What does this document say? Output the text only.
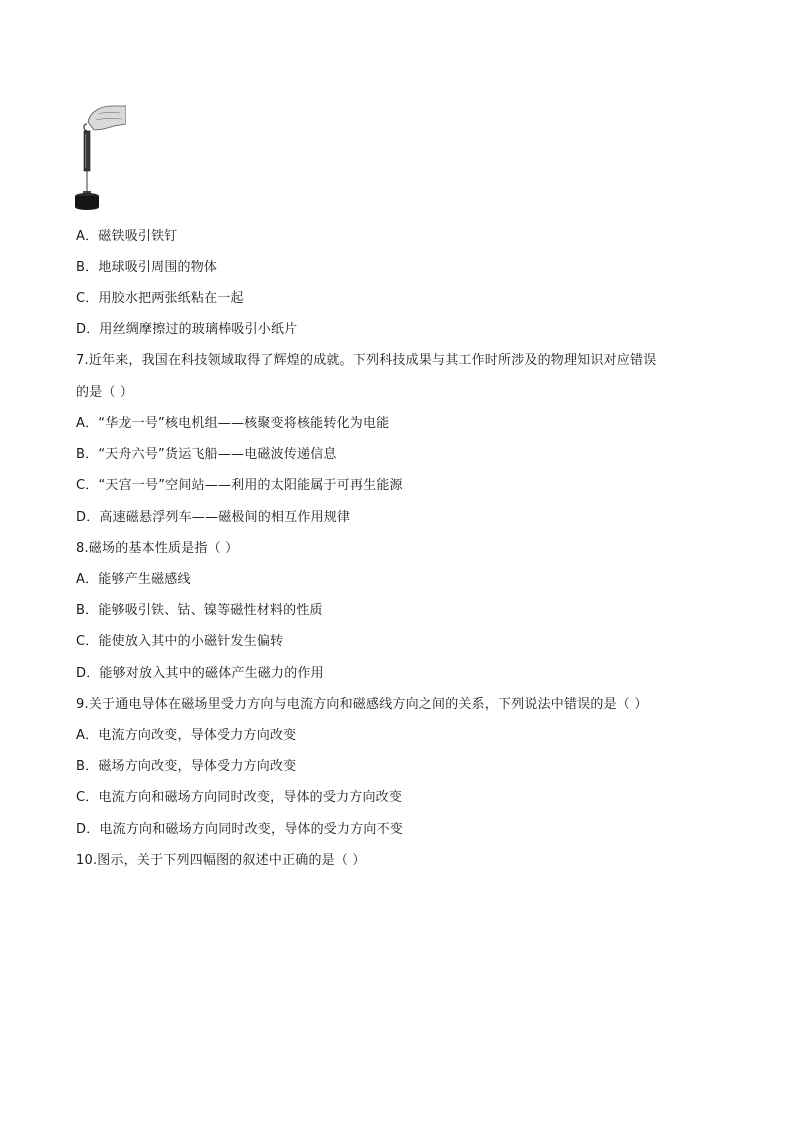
A．磁铁吸引铁钉
B．地球吸引周围的物体
C．用胶水把两张纸粘在一起
D．用丝绸摩擦过的玻璃棒吸引小纸片
7.近年来，我国在科技领域取得了辉煌的成就。下列科技成果与其工作时所涉及的物理知识对应错误
的是（ ）
A．“华龙一号”核电机组——核聚变将核能转化为电能
B．“天舟六号”货运飞船——电磁波传递信息
C．“天宫一号”空间站——利用的太阳能属于可再生能源
D．高速磁悬浮列车——磁极间的相互作用规律
8.磁场的基本性质是指（ ）
A．能够产生磁感线
B．能够吸引铁、钴、镍等磁性材料的性质
C．能使放入其中的小磁针发生偏转
D．能够对放入其中的磁体产生磁力的作用
9.关于通电导体在磁场里受力方向与电流方向和磁感线方向之间的关系，下列说法中错误的是（ ）
A．电流方向改变，导体受力方向改变
B．磁场方向改变，导体受力方向改变
C．电流方向和磁场方向同时改变，导体的受力方向改变
D．电流方向和磁场方向同时改变，导体的受力方向不变
10.图示，关于下列四幅图的叙述中正确的是（ ）
